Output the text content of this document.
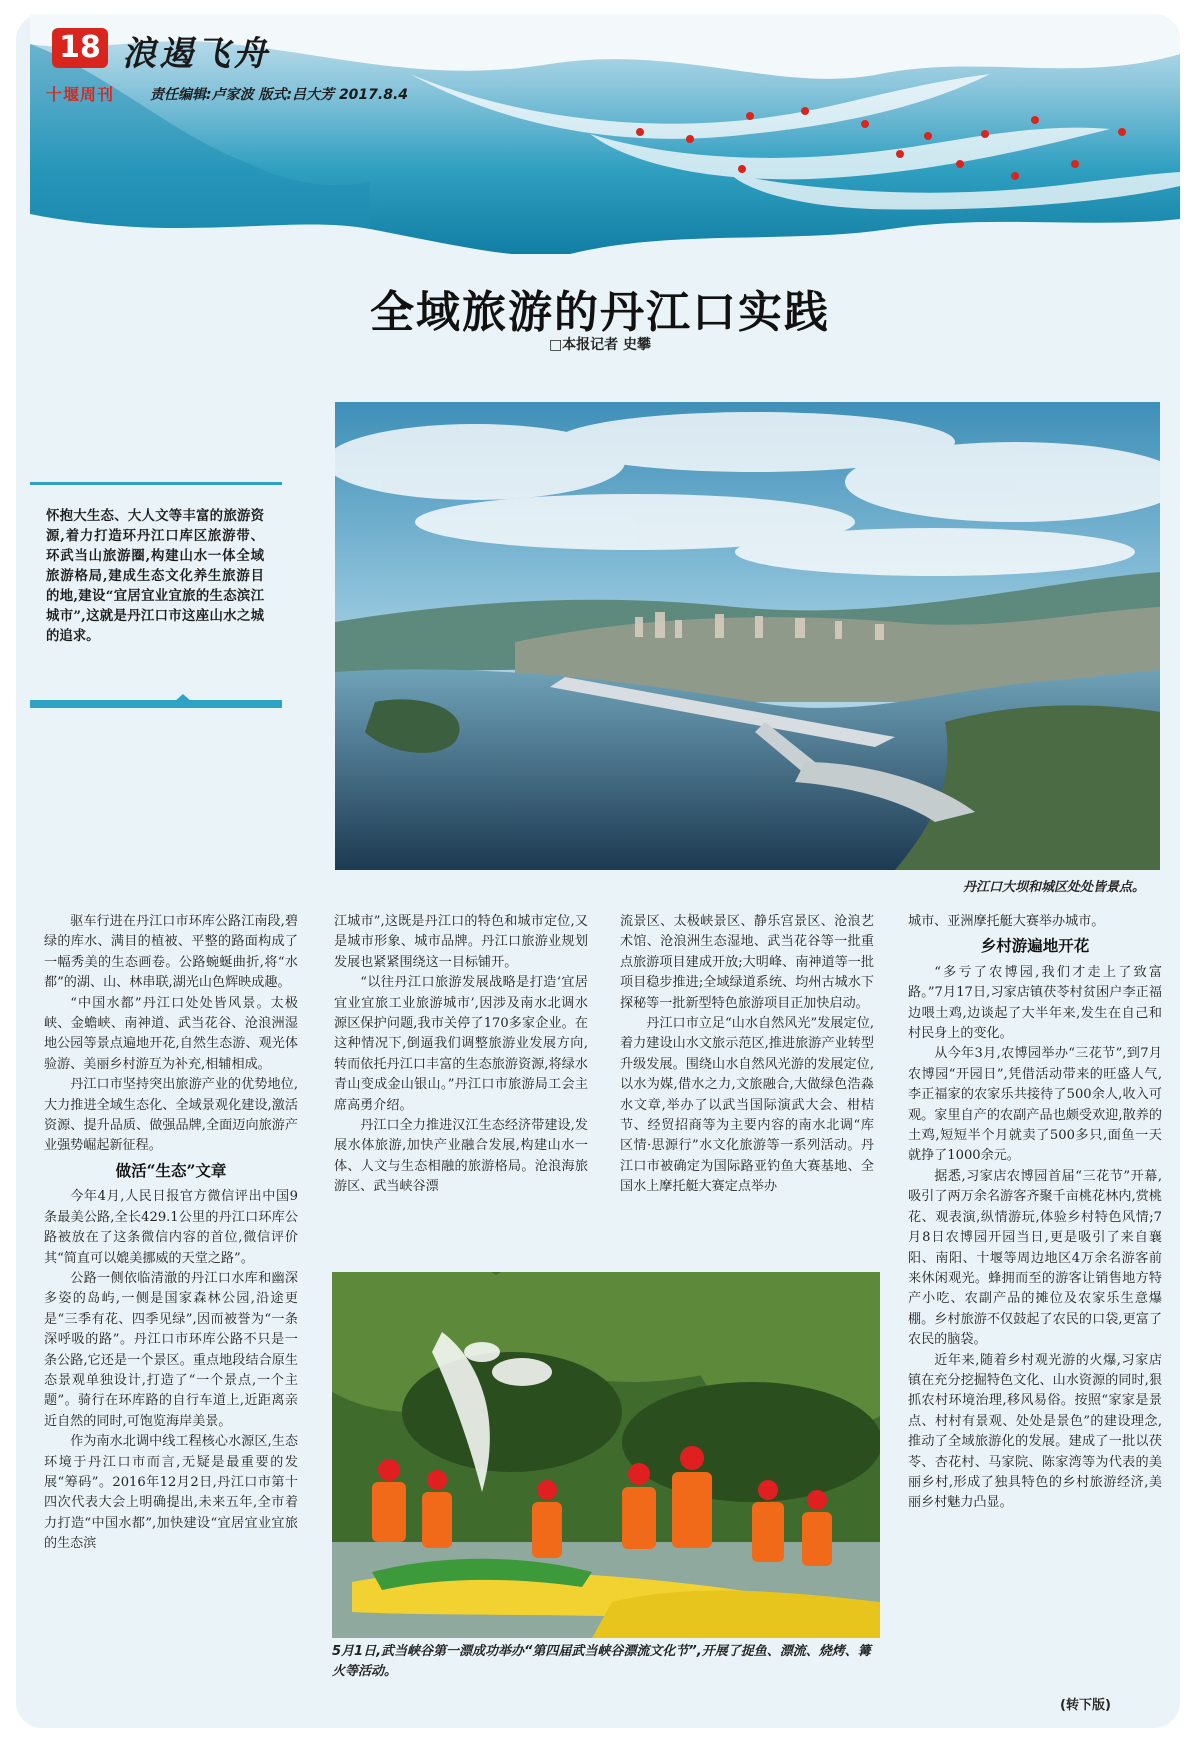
18 浪遏飞舟
十堰周刊	责任编辑:卢家波 版式:吕大芳 2017.8.4
全域旅游的丹江口实践
□本报记者 史攀
怀抱大生态、大人文等丰富的旅游资源,着力打造环丹江口库区旅游带、环武当山旅游圈,构建山水一体全域旅游格局,建成生态文化养生旅游目的地,建设“宜居宜业宜旅的生态滨江城市”,这就是丹江口市这座山水之城的追求。
丹江口大坝和城区处处皆景点。
5月1日,武当峡谷第一漂成功举办“第四届武当峡谷漂流文化节”,开展了捉鱼、漂流、烧烤、篝火等活动。

驱车行进在丹江口市环库公路江南段,碧绿的库水、满目的植被、平整的路面构成了一幅秀美的生态画卷。公路蜿蜒曲折,将“水都”的湖、山、林串联,湖光山色辉映成趣。

“中国水都”丹江口处处皆风景。太极峡、金蟾峡、南神道、武当花谷、沧浪洲湿地公园等景点遍地开花,自然生态游、观光体验游、美丽乡村游互为补充,相辅相成。

丹江口市坚持突出旅游产业的优势地位,大力推进全域生态化、全域景观化建设,激活资源、提升品质、做强品牌,全面迈向旅游产业强势崛起新征程。

做活“生态”文章

今年4月,人民日报官方微信评出中国9条最美公路,全长429.1公里的丹江口环库公路被放在了这条微信内容的首位,微信评价其“简直可以媲美挪威的天堂之路”。

公路一侧依临清澈的丹江口水库和幽深多姿的岛屿,一侧是国家森林公园,沿途更是“三季有花、四季见绿”,因而被誉为“一条深呼吸的路”。丹江口市环库公路不只是一条公路,它还是一个景区。重点地段结合原生态景观单独设计,打造了“一个景点,一个主题”。骑行在环库路的自行车道上,近距离亲近自然的同时,可饱览海岸美景。

作为南水北调中线工程核心水源区,生态环境于丹江口市而言,无疑是最重要的发展“筹码”。2016年12月2日,丹江口市第十四次代表大会上明确提出,未来五年,全市着力打造“中国水都”,加快建设“宜居宜业宜旅的生态滨

江城市”,这既是丹江口的特色和城市定位,又是城市形象、城市品牌。丹江口旅游业规划发展也紧紧围绕这一目标铺开。

“以往丹江口旅游发展战略是打造‘宜居宜业宜旅工业旅游城市’,因涉及南水北调水源区保护问题,我市关停了170多家企业。在这种情况下,倒逼我们调整旅游业发展方向,转而依托丹江口丰富的生态旅游资源,将绿水青山变成金山银山。”丹江口市旅游局工会主席高勇介绍。

丹江口全力推进汉江生态经济带建设,发展水体旅游,加快产业融合发展,构建山水一体、人文与生态相融的旅游格局。沧浪海旅游区、武当峡谷漂

流景区、太极峡景区、静乐宫景区、沧浪艺术馆、沧浪洲生态湿地、武当花谷等一批重点旅游项目建成开放;大明峰、南神道等一批项目稳步推进;全域绿道系统、均州古城水下探秘等一批新型特色旅游项目正加快启动。

丹江口市立足“山水自然风光”发展定位,着力建设山水文旅示范区,推进旅游产业转型升级发展。围绕山水自然风光游的发展定位,以水为媒,借水之力,文旅融合,大做绿色浩淼水文章,举办了以武当国际演武大会、柑桔节、经贸招商等为主要内容的南水北调“库区情·思源行”水文化旅游等一系列活动。丹江口市被确定为国际路亚钓鱼大赛基地、全国水上摩托艇大赛定点举办

城市、亚洲摩托艇大赛举办城市。

乡村游遍地开花

“多亏了农博园,我们才走上了致富路。”7月17日,习家店镇茯苓村贫困户李正福边喂土鸡,边谈起了大半年来,发生在自己和村民身上的变化。

从今年3月,农博园举办“三花节”,到7月农博园“开园日”,凭借活动带来的旺盛人气,李正福家的农家乐共接待了500余人,收入可观。家里自产的农副产品也颇受欢迎,散养的土鸡,短短半个月就卖了500多只,面鱼一天就挣了1000余元。

据悉,习家店农博园首届“三花节”开幕,吸引了两万余名游客齐聚千亩桃花林内,赏桃花、观表演,纵情游玩,体验乡村特色风情;7月8日农博园开园当日,更是吸引了来自襄阳、南阳、十堰等周边地区4万余名游客前来休闲观光。蜂拥而至的游客让销售地方特产小吃、农副产品的摊位及农家乐生意爆棚。乡村旅游不仅鼓起了农民的口袋,更富了农民的脑袋。

近年来,随着乡村观光游的火爆,习家店镇在充分挖掘特色文化、山水资源的同时,狠抓农村环境治理,移风易俗。按照“家家是景点、村村有景观、处处是景色”的建设理念,推动了全域旅游化的发展。建成了一批以茯苓、杏花村、马家院、陈家湾等为代表的美丽乡村,形成了独具特色的乡村旅游经济,美丽乡村魅力凸显。

(转下版)
